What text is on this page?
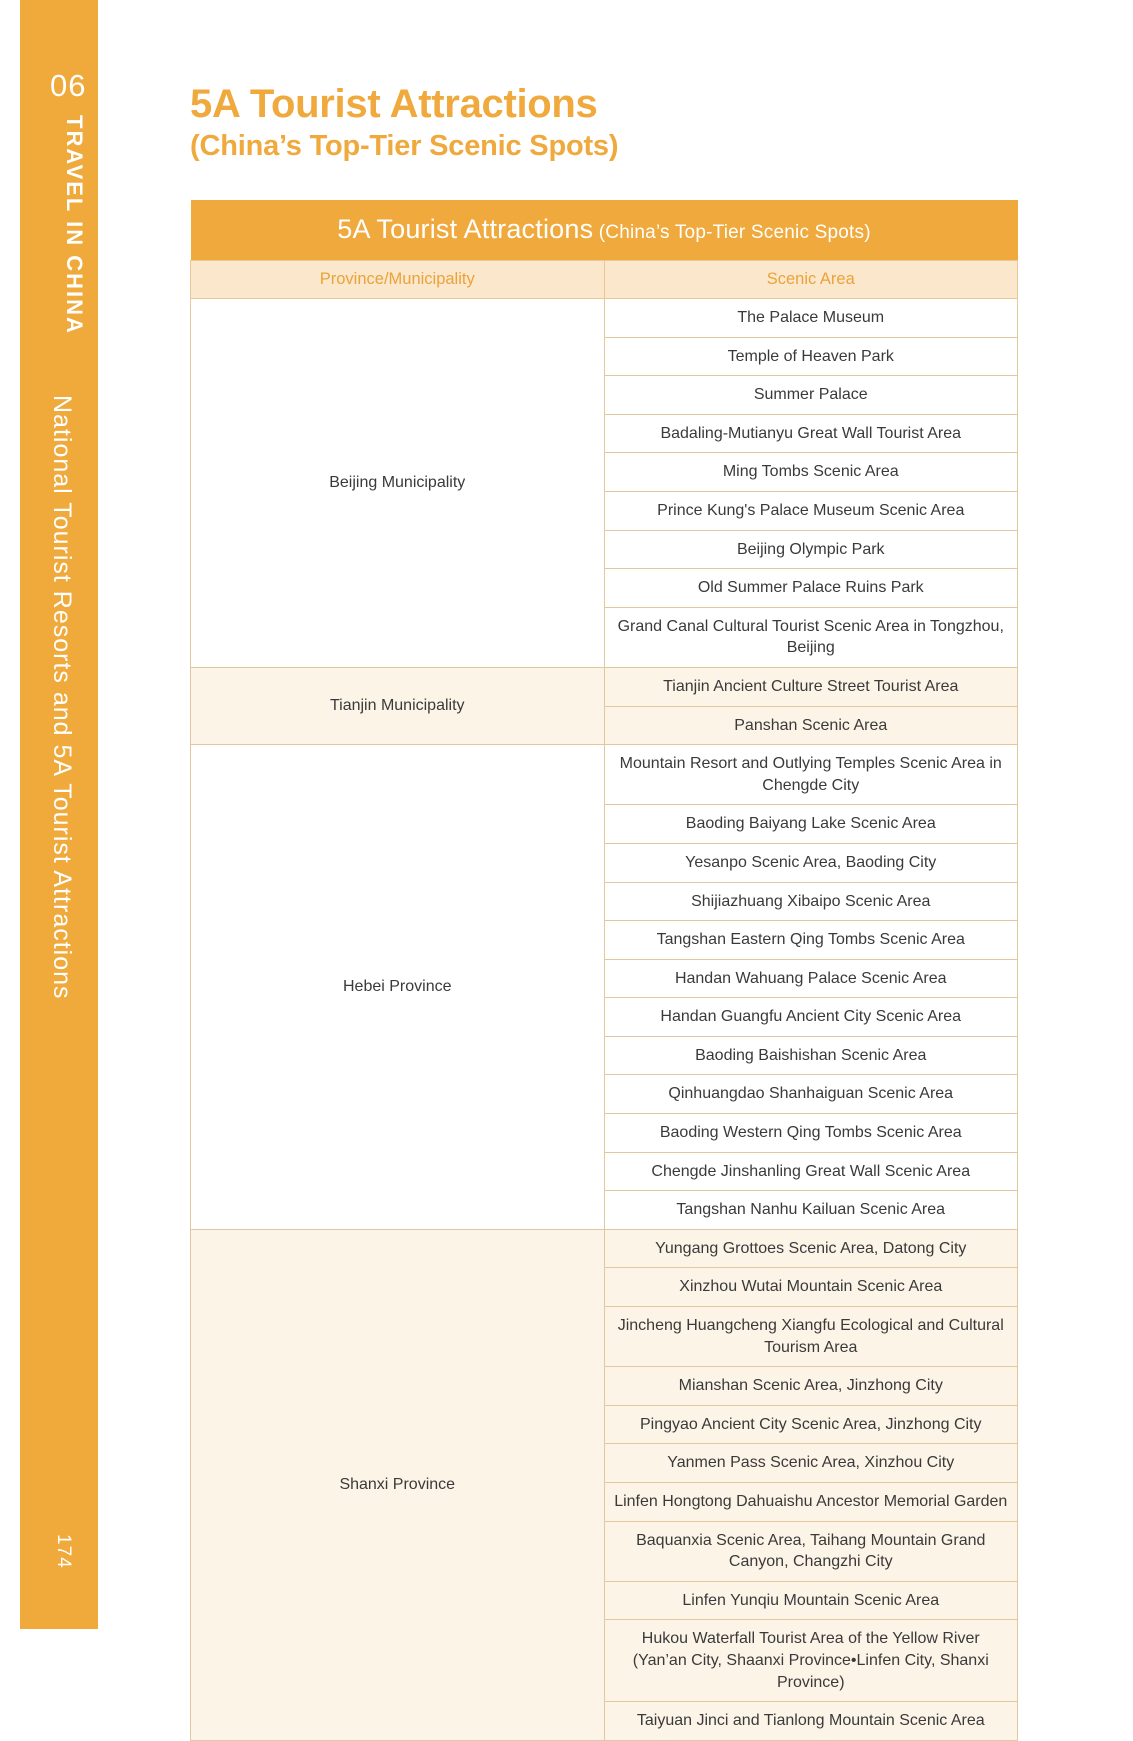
06
TRAVEL IN CHINA
National Tourist Resorts and 5A Tourist Attractions
174
5A Tourist Attractions
(China’s Top-Tier Scenic Spots)
5A Tourist Attractions (China’s Top-Tier Scenic Spots)	
Province/Municipality	Scenic Area
Beijing Municipality	The Palace Museum
	Temple of Heaven Park
	Summer Palace
	Badaling-Mutianyu Great Wall Tourist Area
	Ming Tombs Scenic Area
	Prince Kung's Palace Museum Scenic Area
	Beijing Olympic Park
	Old Summer Palace Ruins Park
	Grand Canal Cultural Tourist Scenic Area in Tongzhou, Beijing
Tianjin Municipality	Tianjin Ancient Culture Street Tourist Area
	Panshan Scenic Area
Hebei Province	Mountain Resort and Outlying Temples Scenic Area in Chengde City
	Baoding Baiyang Lake Scenic Area
	Yesanpo Scenic Area, Baoding City
	Shijiazhuang Xibaipo Scenic Area
	Tangshan Eastern Qing Tombs Scenic Area
	Handan Wahuang Palace Scenic Area
	Handan Guangfu Ancient City Scenic Area
	Baoding Baishishan Scenic Area
	Qinhuangdao Shanhaiguan Scenic Area
	Baoding Western Qing Tombs Scenic Area
	Chengde Jinshanling Great Wall Scenic Area
	Tangshan Nanhu Kailuan Scenic Area
Shanxi Province	Yungang Grottoes Scenic Area, Datong City
	Xinzhou Wutai Mountain Scenic Area
	Jincheng Huangcheng Xiangfu Ecological and Cultural Tourism Area
	Mianshan Scenic Area, Jinzhong City
	Pingyao Ancient City Scenic Area, Jinzhong City
	Yanmen Pass Scenic Area, Xinzhou City
	Linfen Hongtong Dahuaishu Ancestor Memorial Garden
	Baquanxia Scenic Area, Taihang Mountain Grand Canyon, Changzhi City
	Linfen Yunqiu Mountain Scenic Area
	Hukou Waterfall Tourist Area of the Yellow River
(Yan’an City, Shaanxi Province•Linfen City, Shanxi Province)
	Taiyuan Jinci and Tianlong Mountain Scenic Area
